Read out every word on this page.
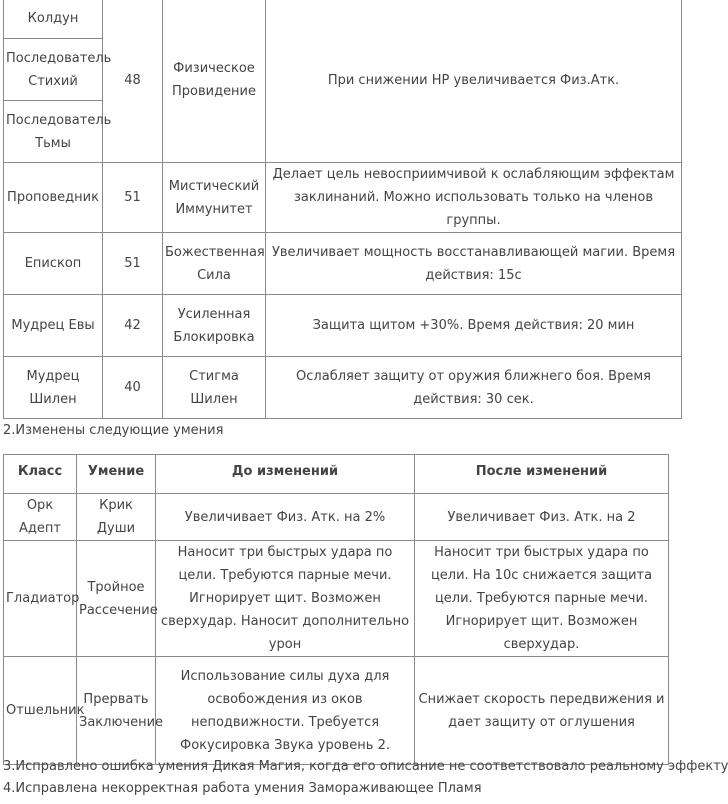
Колдун	48	Физическое Провидение	При снижении HP увеличивается Физ.Атк.
Последователь Стихий			
Последователь Тьмы			
Проповедник	51	Мистический Иммунитет	Делает цель невосприимчивой к ослабляющим эффектам заклинаний. Можно использовать только на членов группы.
Епископ	51	Божественная Сила	Увеличивает мощность восстанавливающей магии. Время действия: 15с
Мудрец Евы	42	Усиленная Блокировка	Защита щитом +30%. Время действия: 20 мин
Мудрец Шилен	40	Стигма Шилен	Ослабляет защиту от оружия ближнего боя. Время действия: 30 сек.

2.Изменены следующие умения

Класс	Умение	До изменений	После изменений
Орк Адепт	Крик Души	Увеличивает Физ. Атк. на 2%	Увеличивает Физ. Атк. на 2
Гладиатор	Тройное Рассечение	Наносит три быстрых удара по цели. Требуются парные мечи. Игнорирует щит. Возможен сверхудар. Наносит дополнительно урон	Наносит три быстрых удара по цели. На 10с снижается защита цели. Требуются парные мечи. Игнорирует щит. Возможен сверхудар.
Отшельник	Прервать Заключение	Использование силы духа для освобождения из оков неподвижности. Требуется Фокусировка Звука уровень 2.	Снижает скорость передвижения и дает защиту от оглушения

3.Исправлено ошибка умения Дикая Магия, когда его описание не соответствовало реальному эффекту

4.Исправлена некорректная работа умения Замораживающее Пламя
